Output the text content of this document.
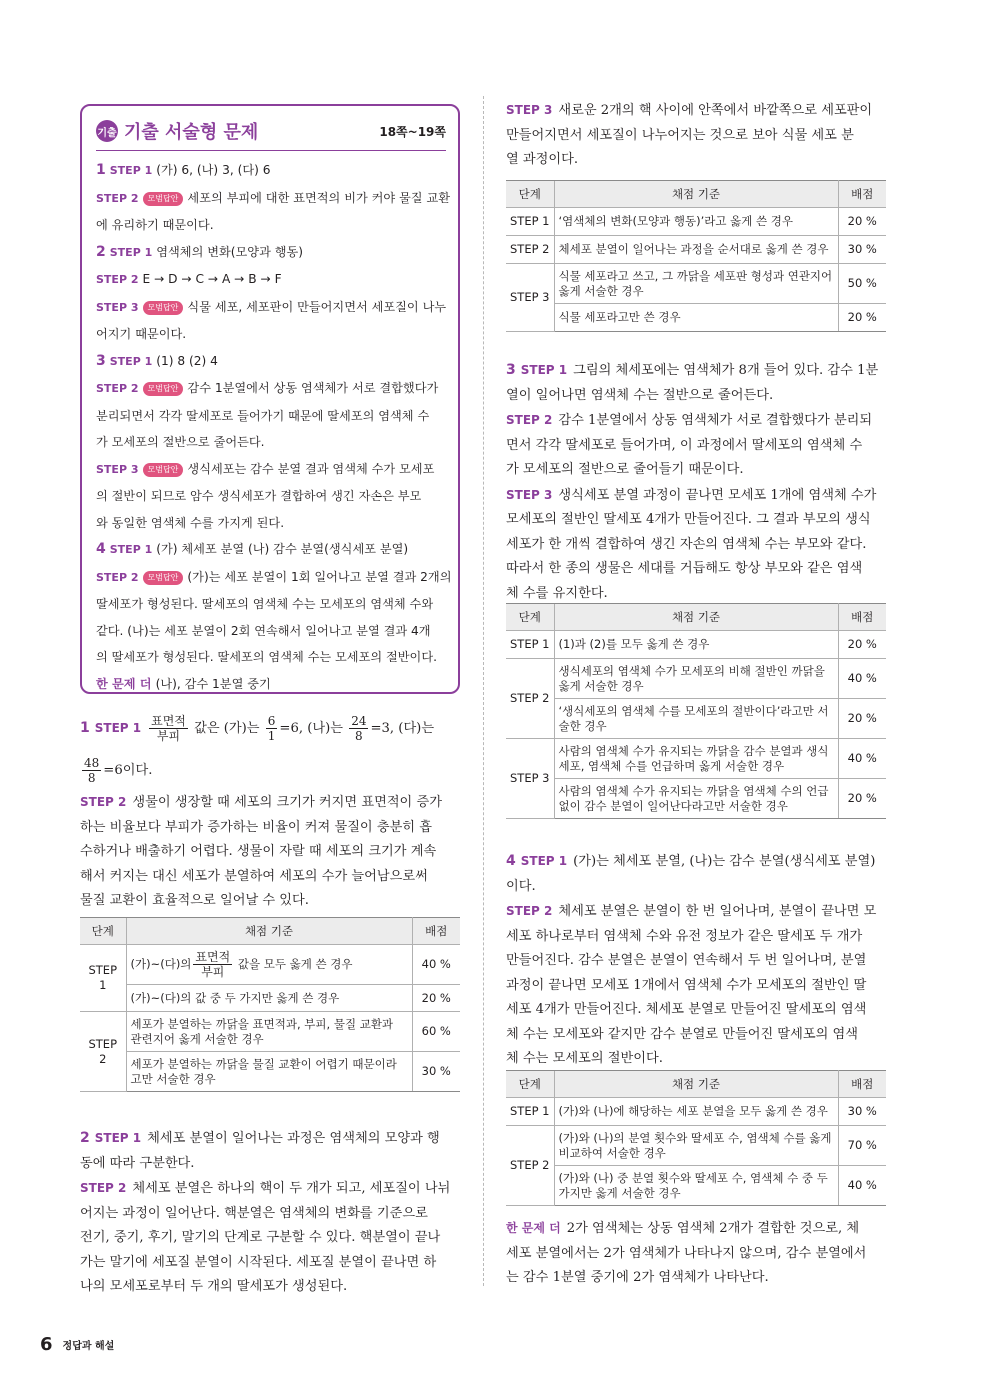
기출 기출 서술형 문제	18쪽~19쪽
1 STEP 1 (가) 6, (나) 3, (다) 6
STEP 2 모범답안 세포의 부피에 대한 표면적의 비가 커야 물질 교환
에 유리하기 때문이다.
2 STEP 1 염색체의 변화(모양과 행동)
STEP 2 E → D → C → A → B → F
STEP 3 모범답안 식물 세포, 세포판이 만들어지면서 세포질이 나누
어지기 때문이다.
3 STEP 1 (1) 8 (2) 4
STEP 2 모범답안 감수 1분열에서 상동 염색체가 서로 결합했다가
분리되면서 각각 딸세포로 들어가기 때문에 딸세포의 염색체 수
가 모세포의 절반으로 줄어든다.
STEP 3 모범답안 생식세포는 감수 분열 결과 염색체 수가 모세포
의 절반이 되므로 암수 생식세포가 결합하여 생긴 자손은 부모
와 동일한 염색체 수를 가지게 된다.
4 STEP 1 (가) 체세포 분열 (나) 감수 분열(생식세포 분열)
STEP 2 모범답안 (가)는 세포 분열이 1회 일어나고 분열 결과 2개의
딸세포가 형성된다. 딸세포의 염색체 수는 모세포의 염색체 수와
같다. (나)는 세포 분열이 2회 연속해서 일어나고 분열 결과 4개
의 딸세포가 형성된다. 딸세포의 염색체 수는 모세포의 절반이다.
한 문제 더 (나), 감수 1분열 중기
1 STEP $1 \frac{\text{표면적}}{\text{부피}}$ 값은 (가)는 $\frac{6}{1} =6$, (나)는 $\frac{24}{8} =3$, (다)는
$\frac{48}{8} =6$이다.
STEP 2 생물이 생장할 때 세포의 크기가 커지면 표면적이 증가
하는 비율보다 부피가 증가하는 비율이 커져 물질이 충분히 흡
수하거나 배출하기 어렵다. 생물이 자랄 때 세포의 크기가 계속
해서 커지는 대신 세포가 분열하여 세포의 수가 늘어남으로써
물질 교환이 효율적으로 일어날 수 있다.
단계	채점 기준	배점
STEP 1	(가)~(다)의 $\frac{\text{표면적}}{\text{부피}}$ 값을 모두 옳게 쓴 경우	40 %
	(가)~(다)의 값 중 두 가지만 옳게 쓴 경우	20 %
STEP 2	세포가 분열하는 까닭을 표면적과, 부피, 물질 교환과 관련지어 옳게 서술한 경우	60 %
	세포가 분열하는 까닭을 물질 교환이 어렵기 때문이라고만 서술한 경우	30 %
2 STEP 1 체세포 분열이 일어나는 과정은 염색체의 모양과 행
동에 따라 구분한다.
STEP 2 체세포 분열은 하나의 핵이 두 개가 되고, 세포질이 나뉘
어지는 과정이 일어난다. 핵분열은 염색체의 변화를 기준으로
전기, 중기, 후기, 말기의 단계로 구분할 수 있다. 핵분열이 끝나
가는 말기에 세포질 분열이 시작된다. 세포질 분열이 끝나면 하
나의 모세포로부터 두 개의 딸세포가 생성된다.
STEP 3 새로운 2개의 핵 사이에 안쪽에서 바깥쪽으로 세포판이
만들어지면서 세포질이 나누어지는 것으로 보아 식물 세포 분
열 과정이다.
단계	채점 기준	배점
STEP 1	‘염색체의 변화(모양과 행동)’라고 옳게 쓴 경우	20 %
STEP 2	체세포 분열이 일어나는 과정을 순서대로 옳게 쓴 경우	30 %
STEP 3	식물 세포라고 쓰고, 그 까닭을 세포판 형성과 연관지어 옳게 서술한 경우	50 %
	식물 세포라고만 쓴 경우	20 %
3 STEP 1 그림의 체세포에는 염색체가 8개 들어 있다. 감수 1분
열이 일어나면 염색체 수는 절반으로 줄어든다.
STEP 2 감수 1분열에서 상동 염색체가 서로 결합했다가 분리되
면서 각각 딸세포로 들어가며, 이 과정에서 딸세포의 염색체 수
가 모세포의 절반으로 줄어들기 때문이다.
STEP 3 생식세포 분열 과정이 끝나면 모세포 1개에 염색체 수가
모세포의 절반인 딸세포 4개가 만들어진다. 그 결과 부모의 생식
세포가 한 개씩 결합하여 생긴 자손의 염색체 수는 부모와 같다.
따라서 한 종의 생물은 세대를 거듭해도 항상 부모와 같은 염색
체 수를 유지한다.
단계	채점 기준	배점
STEP 1	(1)과 (2)를 모두 옳게 쓴 경우	20 %
STEP 2	생식세포의 염색체 수가 모세포의 비해 절반인 까닭을 옳게 서술한 경우	40 %
	‘생식세포의 염색체 수를 모세포의 절반이다’라고만 서술한 경우	20 %
STEP 3	사람의 염색체 수가 유지되는 까닭을 감수 분열과 생식세포, 염색체 수를 언급하며 옳게 서술한 경우	40 %
	사람의 염색체 수가 유지되는 까닭을 염색체 수의 언급없이 감수 분열이 일어난다라고만 서술한 경우	20 %
4 STEP 1 (가)는 체세포 분열, (나)는 감수 분열(생식세포 분열)
이다.
STEP 2 체세포 분열은 분열이 한 번 일어나며, 분열이 끝나면 모
세포 하나로부터 염색체 수와 유전 정보가 같은 딸세포 두 개가
만들어진다. 감수 분열은 분열이 연속해서 두 번 일어나며, 분열
과정이 끝나면 모세포 1개에서 염색체 수가 모세포의 절반인 딸
세포 4개가 만들어진다. 체세포 분열로 만들어진 딸세포의 염색
체 수는 모세포와 같지만 감수 분열로 만들어진 딸세포의 염색
체 수는 모세포의 절반이다.
단계	채점 기준	배점
STEP 1	(가)와 (나)에 해당하는 세포 분열을 모두 옳게 쓴 경우	30 %
STEP 2	(가)와 (나)의 분열 횟수와 딸세포 수, 염색체 수를 옳게 비교하여 서술한 경우	70 %
	(가)와 (나) 중 분열 횟수와 딸세포 수, 염색체 수 중 두 가지만 옳게 서술한 경우	40 %
한 문제 더 2가 염색체는 상동 염색체 2개가 결합한 것으로, 체
세포 분열에서는 2가 염색체가 나타나지 않으며, 감수 분열에서
는 감수 1분열 중기에 2가 염색체가 나타난다.
6 정답과 해설
